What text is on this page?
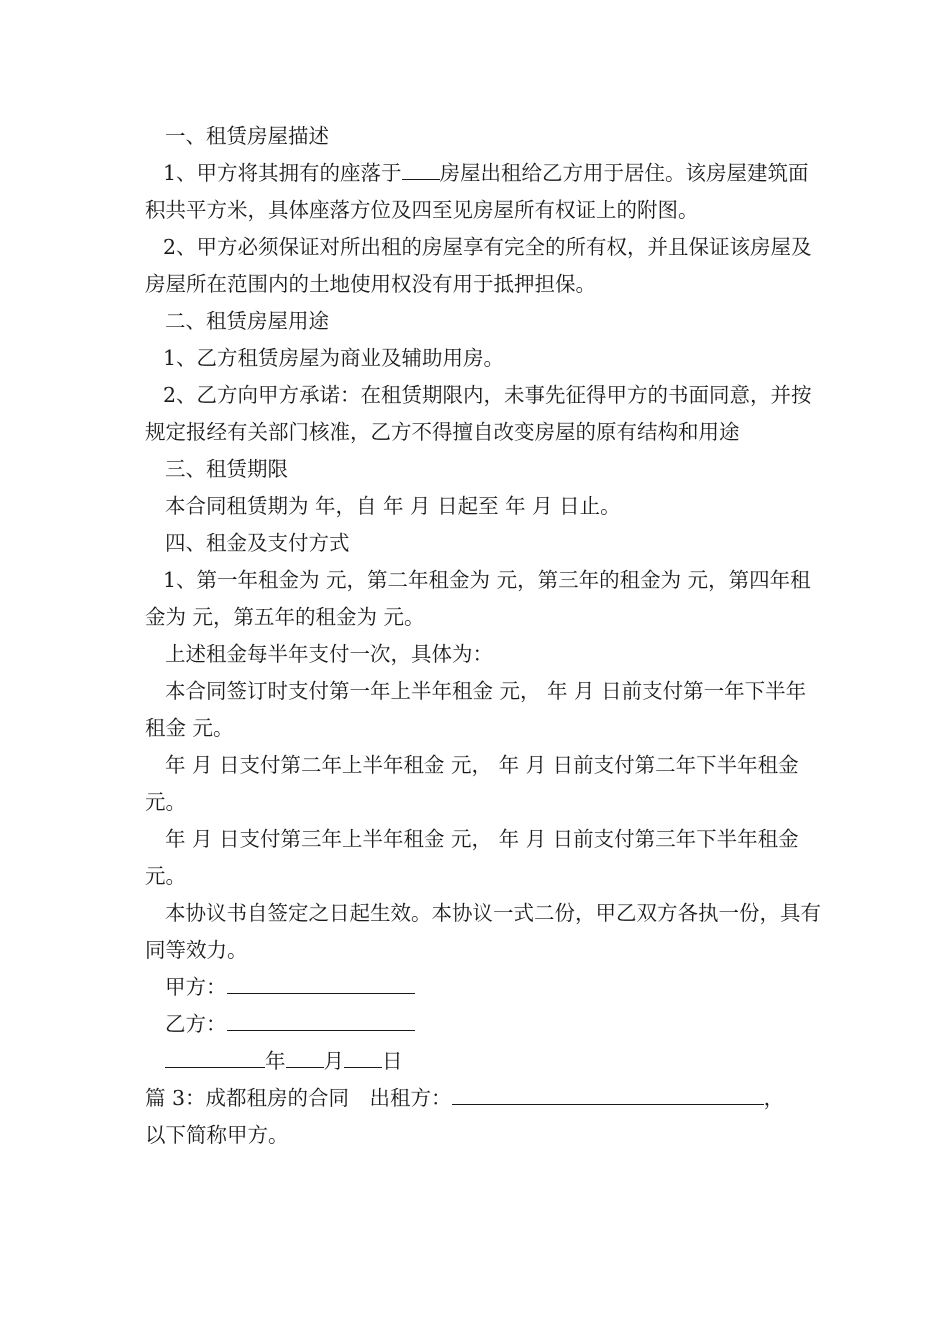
一、租赁房屋描述

1、甲方将其拥有的座落于 房屋出租给乙方用于居住。该房屋建筑面积共平方米，具体座落方位及四至见房屋所有权证上的附图。

2、甲方必须保证对所出租的房屋享有完全的所有权，并且保证该房屋及房屋所在范围内的土地使用权没有用于抵押担保。

二、租赁房屋用途

1、乙方租赁房屋为商业及辅助用房。

2、乙方向甲方承诺：在租赁期限内，未事先征得甲方的书面同意，并按规定报经有关部门核准，乙方不得擅自改变房屋的原有结构和用途

三、租赁期限

本合同租赁期为 年，自 年 月 日起至 年 月 日止。

四、租金及支付方式

1、第一年租金为 元，第二年租金为 元，第三年的租金为 元，第四年租金为 元，第五年的租金为 元。

上述租金每半年支付一次，具体为：

本合同签订时支付第一年上半年租金 元， 年 月 日前支付第一年下半年租金 元。

年 月 日支付第二年上半年租金 元， 年 月 日前支付第二年下半年租金 元。

年 月 日支付第三年上半年租金 元， 年 月 日前支付第三年下半年租金 元。

本协议书自签定之日起生效。本协议一式二份，甲乙双方各执一份，具有同等效力。

甲方：

乙方：

年 月 日

篇 3：成都租房的合同　出租方：	，

以下简称甲方。
